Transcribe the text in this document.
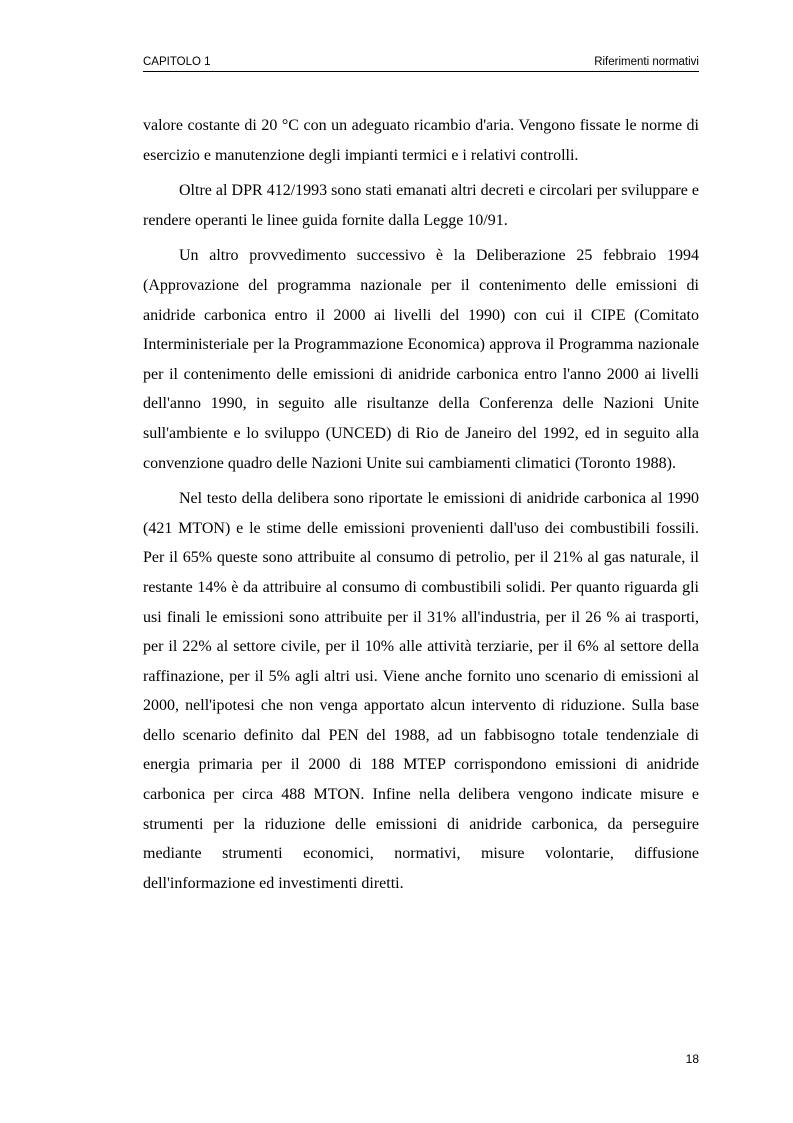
CAPITOLO 1	Riferimenti normativi

valore costante di 20 °C con un adeguato ricambio d'aria. Vengono fissate le norme di esercizio e manutenzione degli impianti termici e i relativi controlli.

Oltre al DPR 412/1993 sono stati emanati altri decreti e circolari per sviluppare e rendere operanti le linee guida fornite dalla Legge 10/91.

Un altro provvedimento successivo è la Deliberazione 25 febbraio 1994 (Approvazione del programma nazionale per il contenimento delle emissioni di anidride carbonica entro il 2000 ai livelli del 1990) con cui il CIPE (Comitato Interministeriale per la Programmazione Economica) approva il Programma nazionale per il contenimento delle emissioni di anidride carbonica entro l'anno 2000 ai livelli dell'anno 1990, in seguito alle risultanze della Conferenza delle Nazioni Unite sull'ambiente e lo sviluppo (UNCED) di Rio de Janeiro del 1992, ed in seguito alla convenzione quadro delle Nazioni Unite sui cambiamenti climatici (Toronto 1988).

Nel testo della delibera sono riportate le emissioni di anidride carbonica al 1990 (421 MTON) e le stime delle emissioni provenienti dall'uso dei combustibili fossili. Per il 65% queste sono attribuite al consumo di petrolio, per il 21% al gas naturale, il restante 14% è da attribuire al consumo di combustibili solidi. Per quanto riguarda gli usi finali le emissioni sono attribuite per il 31% all'industria, per il 26 % ai trasporti, per il 22% al settore civile, per il 10% alle attività terziarie, per il 6% al settore della raffinazione, per il 5% agli altri usi. Viene anche fornito uno scenario di emissioni al 2000, nell'ipotesi che non venga apportato alcun intervento di riduzione. Sulla base dello scenario definito dal PEN del 1988, ad un fabbisogno totale tendenziale di energia primaria per il 2000 di 188 MTEP corrispondono emissioni di anidride carbonica per circa 488 MTON. Infine nella delibera vengono indicate misure e strumenti per la riduzione delle emissioni di anidride carbonica, da perseguire mediante strumenti economici, normativi, misure volontarie, diffusione dell'informazione ed investimenti diretti.

18
